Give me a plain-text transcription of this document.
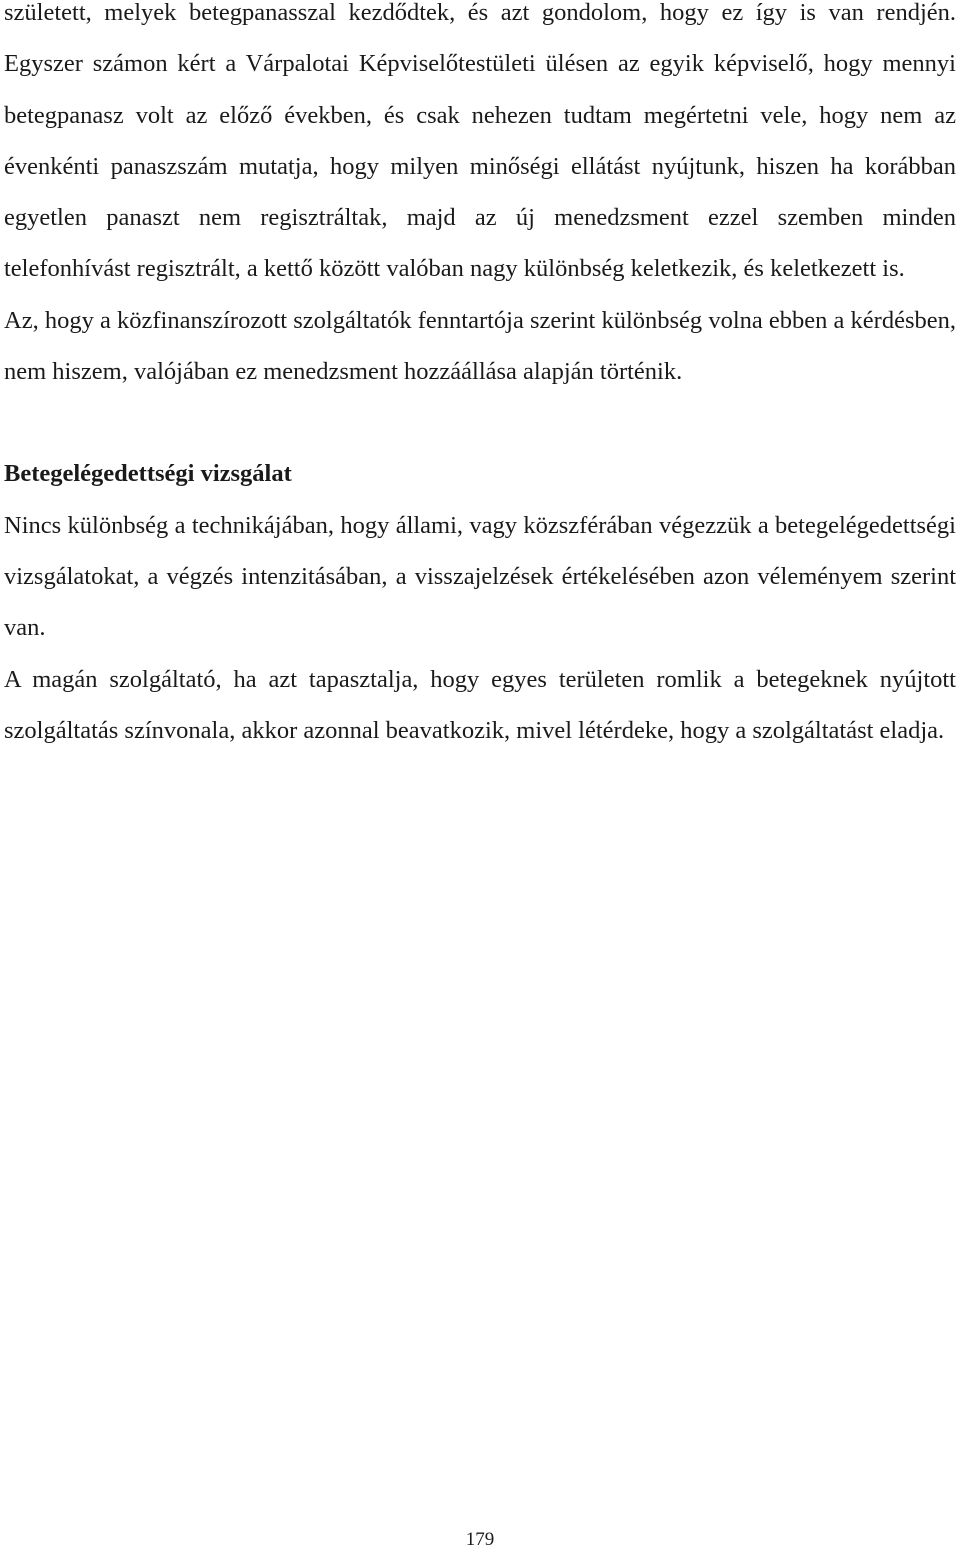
született, melyek betegpanasszal kezdődtek, és azt gondolom, hogy ez így is van rendjén. Egyszer számon kért a Várpalotai Képviselőtestületi ülésen az egyik képviselő, hogy mennyi betegpanasz volt az előző években, és csak nehezen tudtam megértetni vele, hogy nem az évenkénti panaszszám mutatja, hogy milyen minőségi ellátást nyújtunk, hiszen ha korábban egyetlen panaszt nem regisztráltak, majd az új menedzsment ezzel szemben minden telefonhívást regisztrált, a kettő között valóban nagy különbség keletkezik, és keletkezett is.

Az, hogy a közfinanszírozott szolgáltatók fenntartója szerint különbség volna ebben a kérdésben, nem hiszem, valójában ez menedzsment hozzáállása alapján történik.

Betegelégedettségi vizsgálat

Nincs különbség a technikájában, hogy állami, vagy közszférában végezzük a betegelégedettségi vizsgálatokat, a végzés intenzitásában, a visszajelzések értékelésében azon véleményem szerint van.

A magán szolgáltató, ha azt tapasztalja, hogy egyes területen romlik a betegeknek nyújtott szolgáltatás színvonala, akkor azonnal beavatkozik, mivel létérdeke, hogy a szolgáltatást eladja.

179
